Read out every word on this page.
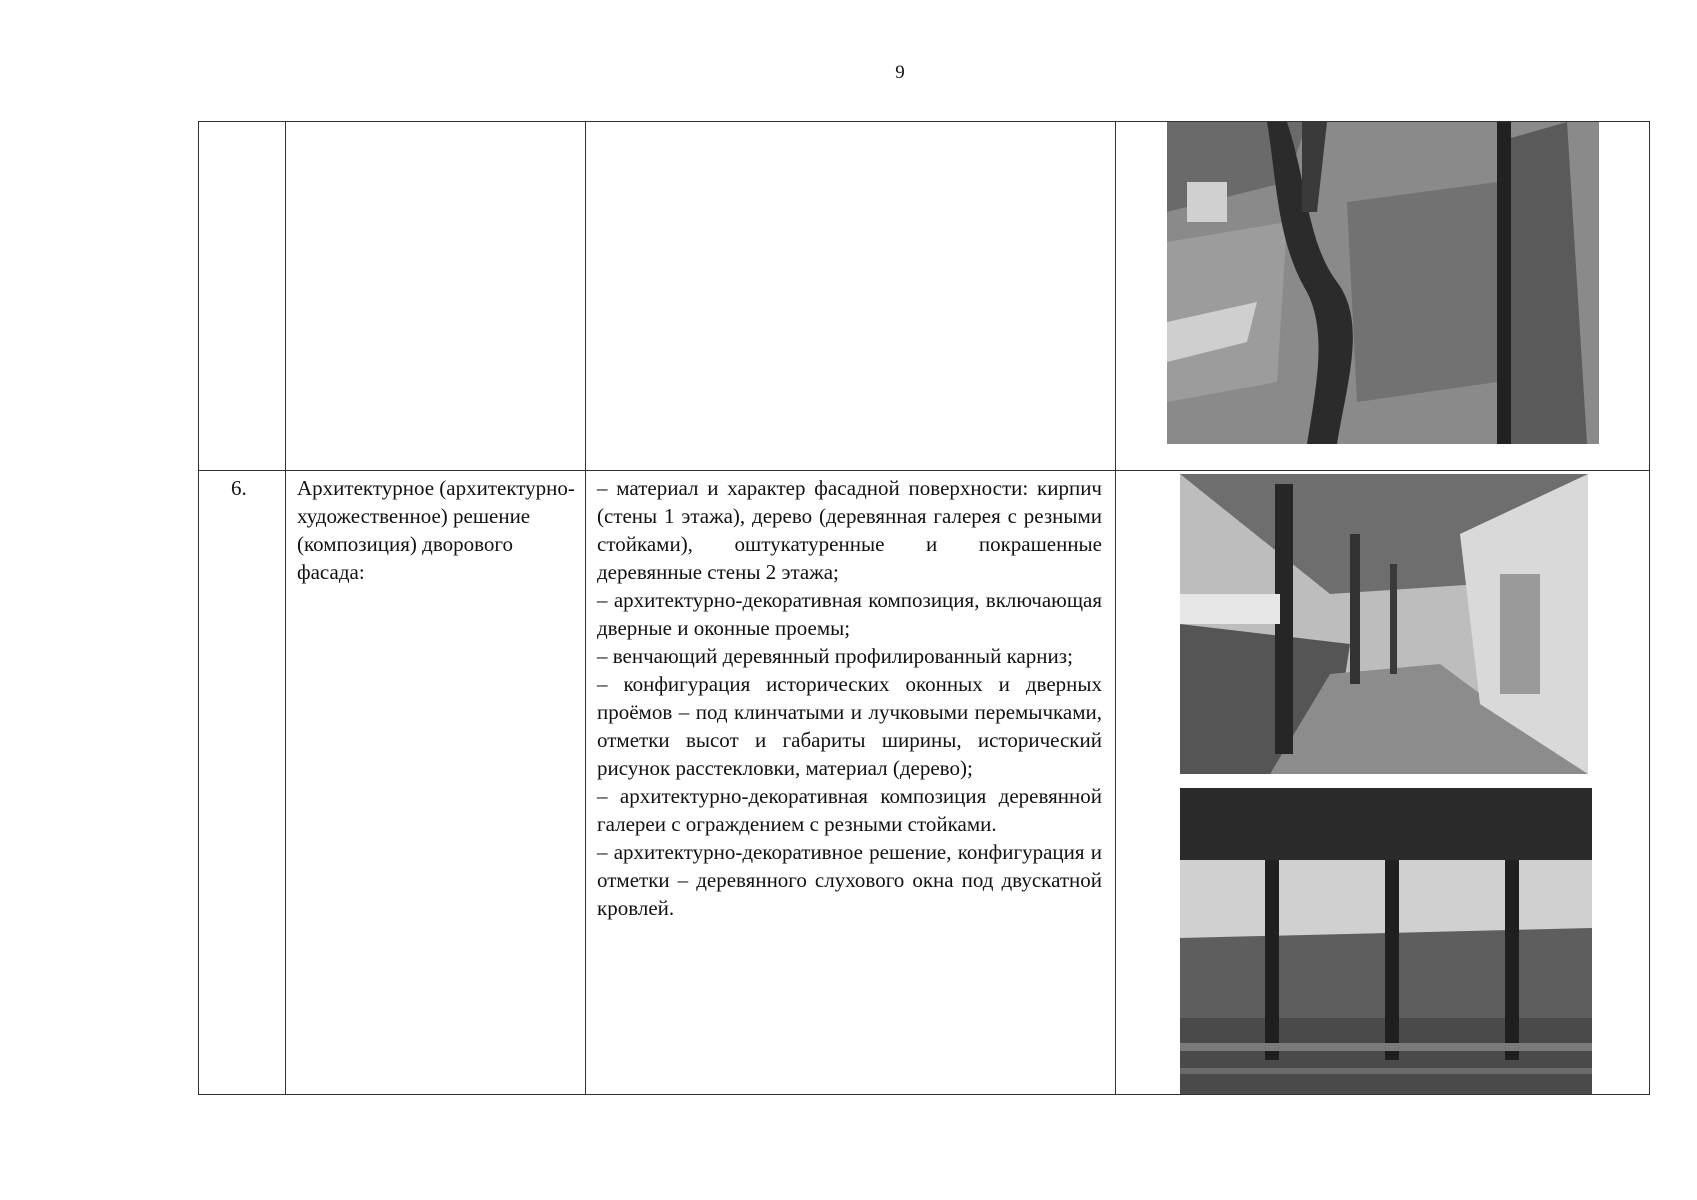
9
6. Архитектурное (архитектурно-художественное) решение (композиция) дворового фасада:

– материал и характер фасадной поверхности: кирпич (стены 1 этажа), дерево (деревянная галерея с резными стойками), оштукатуренные и покрашенные деревянные стены 2 этажа;

– архитектурно-декоративная композиция, включающая дверные и оконные проемы;

– венчающий деревянный профилированный карниз;

– конфигурация исторических оконных и дверных проёмов – под клинчатыми и лучковыми перемычками, отметки высот и габариты ширины, исторический рисунок расстекловки, материал (дерево);

– архитектурно-декоративная композиция деревянной галереи с ограждением с резными стойками.

– архитектурно-декоративное решение, конфигурация и отметки – деревянного слухового окна под двускатной кровлей.
